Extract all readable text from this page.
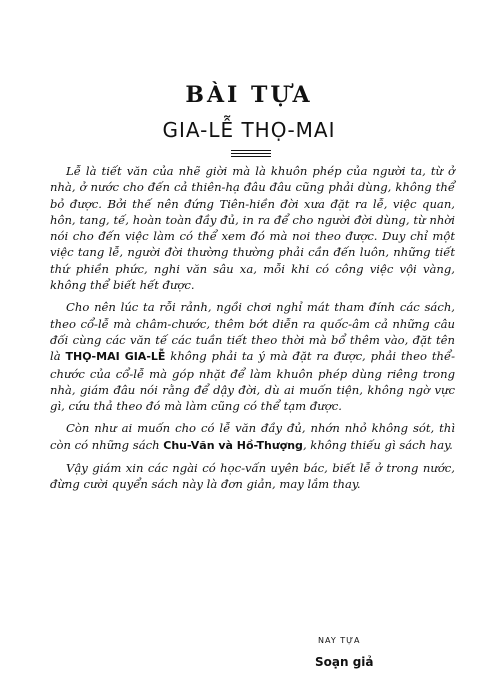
BÀI TỰA
GIA-LỄ THỌ-MAI

Lễ là tiết văn của nhẽ giời mà là khuôn phép của người ta, từ ở nhà, ở nước cho đến cả thiên-hạ đâu đâu cũng phải dùng, không thể bỏ được. Bởi thế nên đứng Tiên-hiền đời xưa đặt ra lễ, việc quan, hôn, tang, tế, hoàn toàn đầy đủ, in ra để cho người đời dùng, từ nhời nói cho đến việc làm có thể xem đó mà noi theo được. Duy chỉ một việc tang lễ, người đời thường thường phải cần đến luôn, những tiết thứ phiền phức, nghi văn sâu xa, mỗi khi có công việc vội vàng, không thể biết hết được.

Cho nên lúc ta rỗi rảnh, ngồi chơi nghỉ mát tham đính các sách, theo cổ-lễ mà châm-chước, thêm bớt diễn ra quốc-âm cả những câu đối cùng các văn tế các tuần tiết theo thời mà bổ thêm vào, đặt tên là THỌ-MAI GIA-LỄ không phải ta ý mà đặt ra được, phải theo thể-chước của cổ-lễ mà góp nhặt để làm khuôn phép dùng riêng trong nhà, giám đâu nói rằng để dậy đời, dù ai muốn tiện, không ngờ vực gì, cứu thả theo đó mà làm cũng có thể tạm được.

Còn như ai muốn cho có lễ văn đầy đủ, nhớn nhỏ không sót, thì còn có những sách Chu-Văn và Hồ-Thượng, không thiếu gì sách hay.

Vậy giám xin các ngài có học-vấn uyên bác, biết lễ ở trong nước, đừng cười quyển sách này là đơn giản, may lắm thay.

NAY TỰA
Soạn giả
